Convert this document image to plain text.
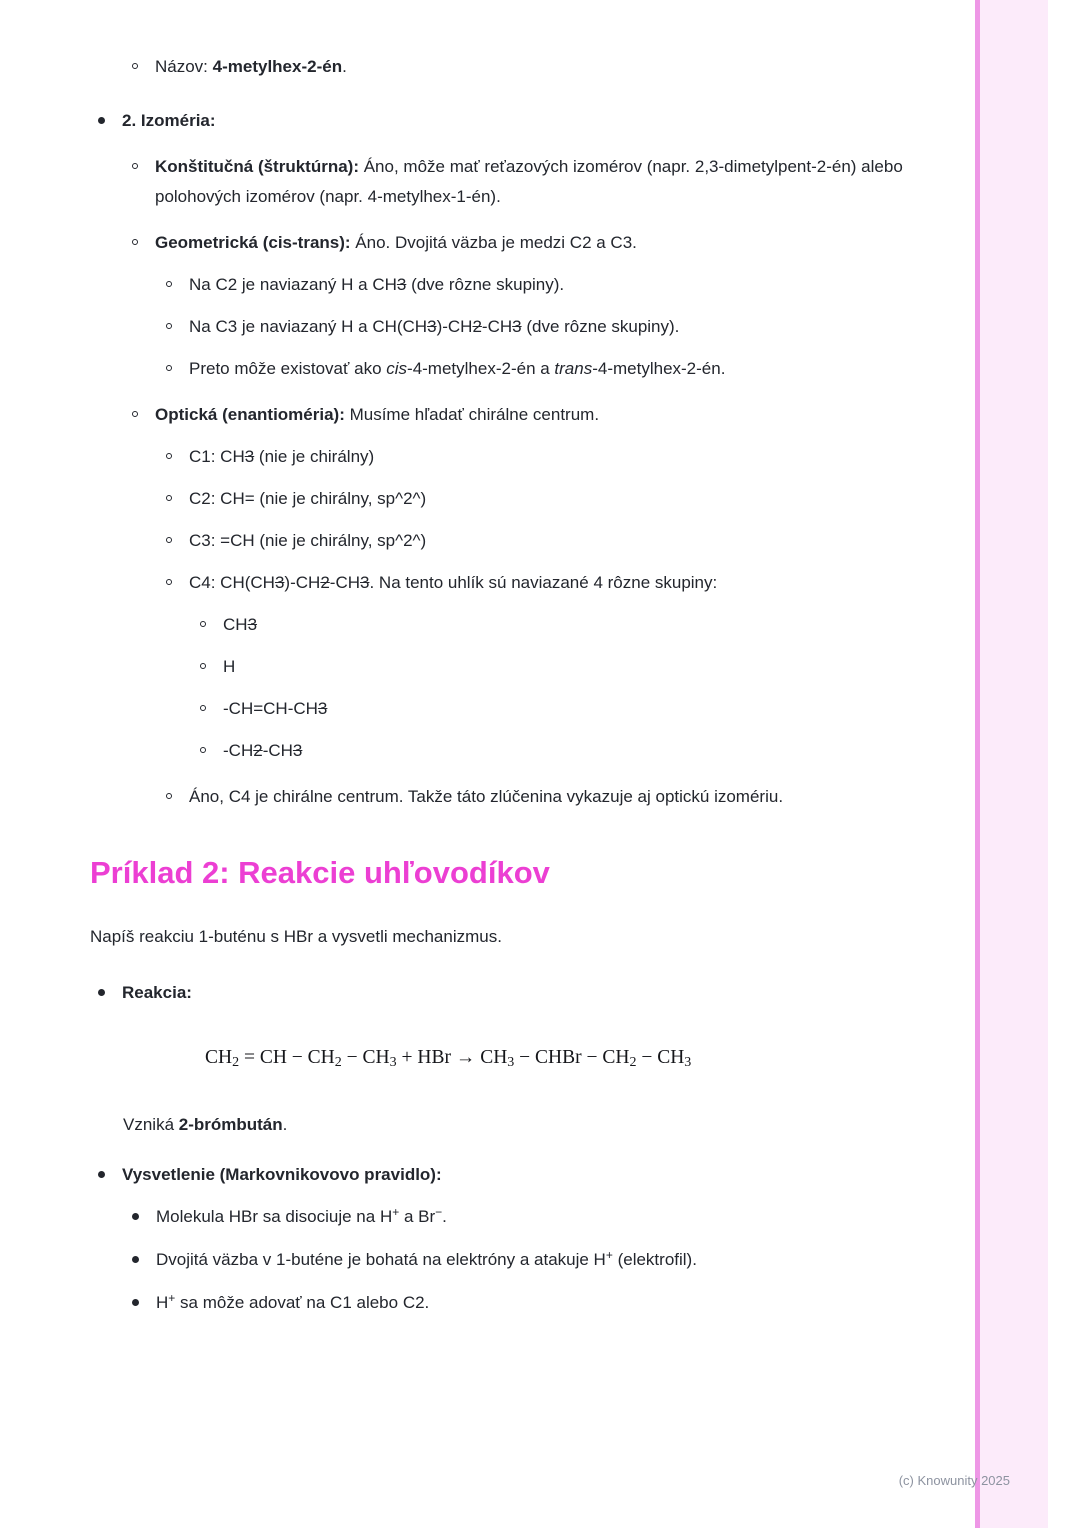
Názov: 4-metylhex-2-én.
2. Izoméria:
Konštitučná (štruktúrna): Áno, môže mať reťazových izomérov (napr. 2,3-dimetylpent-2-én) alebo polohových izomérov (napr. 4-metylhex-1-én).
Geometrická (cis-trans): Áno. Dvojitá väzba je medzi C2 a C3.
Na C2 je naviazaný H a CH3 (dve rôzne skupiny).
Na C3 je naviazaný H a CH(CH3)-CH2-CH3 (dve rôzne skupiny).
Preto môže existovať ako cis-4-metylhex-2-én a trans-4-metylhex-2-én.
Optická (enantioméria): Musíme hľadať chirálne centrum.
C1: CH3 (nie je chirálny)
C2: CH= (nie je chirálny, sp^2^)
C3: =CH (nie je chirálny, sp^2^)
C4: CH(CH3)-CH2-CH3. Na tento uhlík sú naviazané 4 rôzne skupiny:
CH3
H
-CH=CH-CH3
-CH2-CH3
Áno, C4 je chirálne centrum. Takže táto zlúčenina vykazuje aj optickú izomériu.
Príklad 2: Reakcie uhľovodíkov
Napíš reakciu 1-buténu s HBr a vysvetli mechanizmus.
Reakcia:
CH2 = CH − CH2 − CH3 + HBr → CH3 − CHBr − CH2 − CH3
Vzniká 2-brómbután.
Vysvetlenie (Markovnikovovo pravidlo):
Molekula HBr sa disociuje na H+ a Br−.
Dvojitá väzba v 1-buténe je bohatá na elektróny a atakuje H+ (elektrofil).
H+ sa môže adovať na C1 alebo C2.
(c) Knowunity 2025
